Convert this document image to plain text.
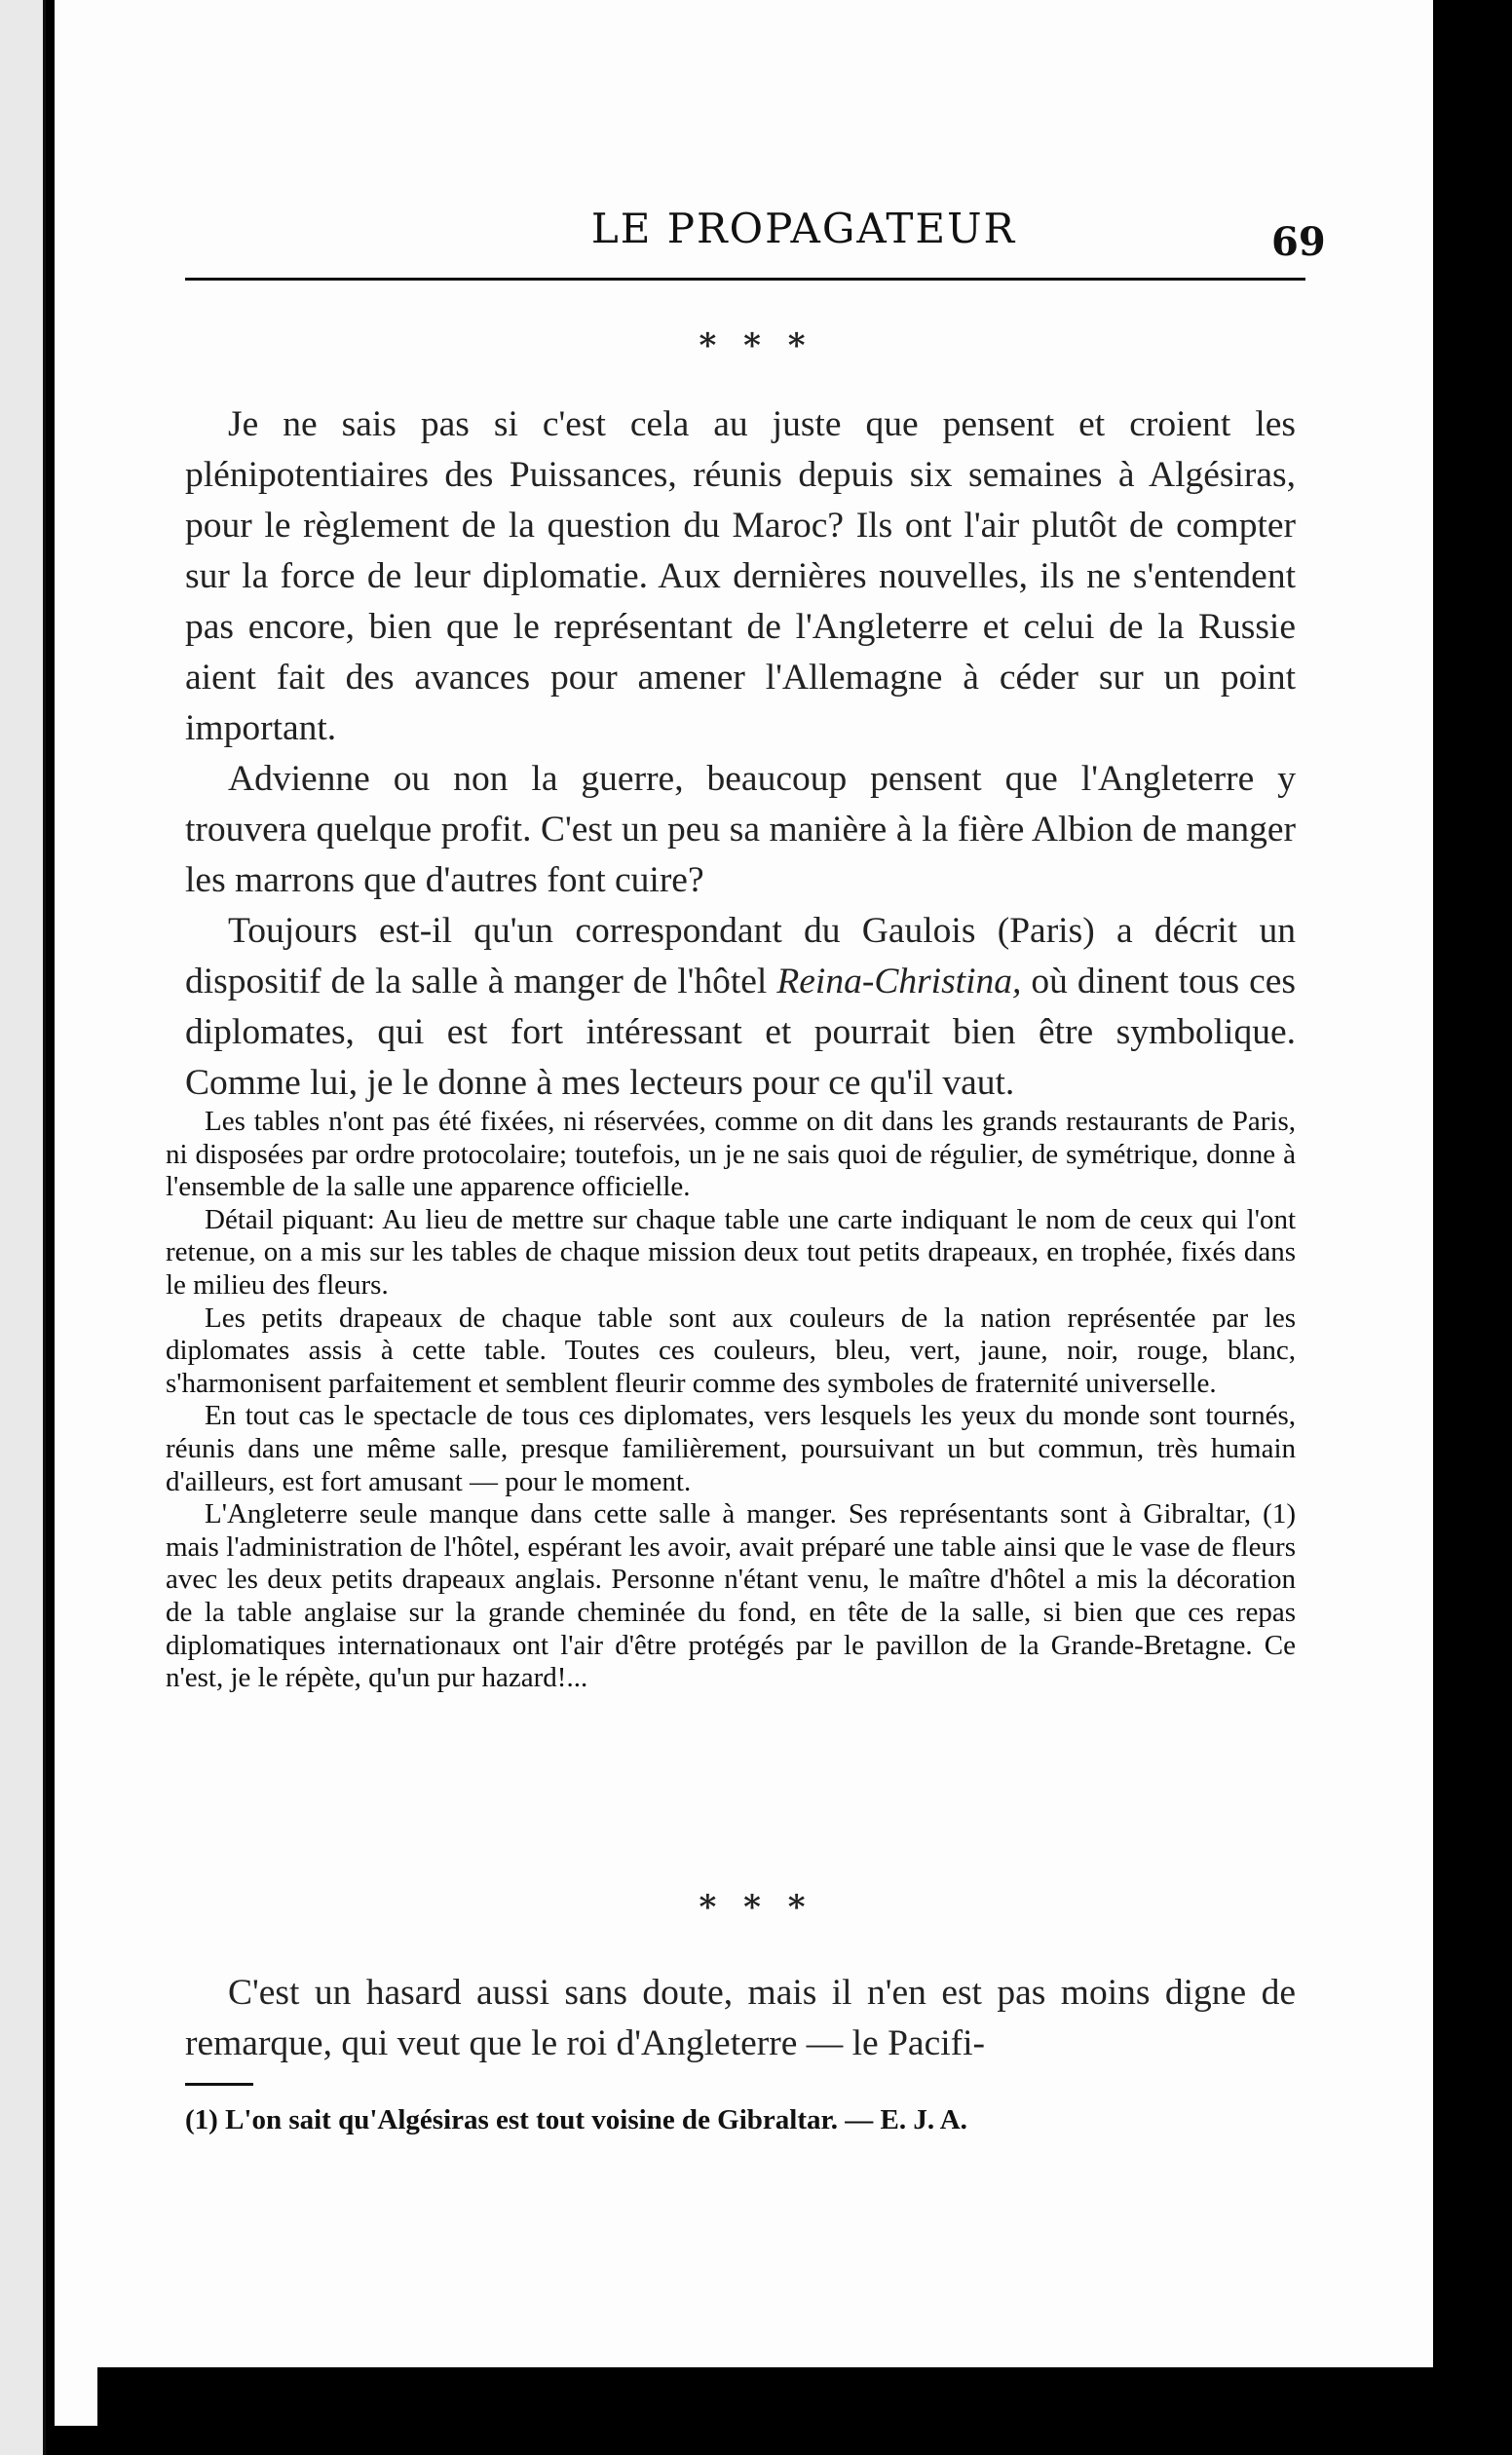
LE PROPAGATEUR	69
* * *

Je ne sais pas si c'est cela au juste que pensent et croient les plénipotentiaires des Puissances, réunis depuis six semaines à Algésiras, pour le règlement de la question du Maroc? Ils ont l'air plutôt de compter sur la force de leur diplomatie. Aux dernières nouvelles, ils ne s'entendent pas encore, bien que le représentant de l'Angleterre et celui de la Russie aient fait des avances pour amener l'Allemagne à céder sur un point important.

Advienne ou non la guerre, beaucoup pensent que l'Angleterre y trouvera quelque profit. C'est un peu sa manière à la fière Albion de manger les marrons que d'autres font cuire?

Toujours est-il qu'un correspondant du Gaulois (Paris) a décrit un dispositif de la salle à manger de l'hôtel Reina-Christina, où dinent tous ces diplomates, qui est fort intéressant et pourrait bien être symbolique. Comme lui, je le donne à mes lecteurs pour ce qu'il vaut.

Les tables n'ont pas été fixées, ni réservées, comme on dit dans les grands restaurants de Paris, ni disposées par ordre protocolaire; toutefois, un je ne sais quoi de régulier, de symétrique, donne à l'ensemble de la salle une apparence officielle.

Détail piquant: Au lieu de mettre sur chaque table une carte indiquant le nom de ceux qui l'ont retenue, on a mis sur les tables de chaque mission deux tout petits drapeaux, en trophée, fixés dans le milieu des fleurs.

Les petits drapeaux de chaque table sont aux couleurs de la nation représentée par les diplomates assis à cette table. Toutes ces couleurs, bleu, vert, jaune, noir, rouge, blanc, s'harmonisent parfaitement et semblent fleurir comme des symboles de fraternité universelle.

En tout cas le spectacle de tous ces diplomates, vers lesquels les yeux du monde sont tournés, réunis dans une même salle, presque familièrement, poursuivant un but commun, très humain d'ailleurs, est fort amusant — pour le moment.

L'Angleterre seule manque dans cette salle à manger. Ses représentants sont à Gibraltar, (1) mais l'administration de l'hôtel, espérant les avoir, avait préparé une table ainsi que le vase de fleurs avec les deux petits drapeaux anglais. Personne n'étant venu, le maître d'hôtel a mis la décoration de la table anglaise sur la grande cheminée du fond, en tête de la salle, si bien que ces repas diplomatiques internationaux ont l'air d'être protégés par le pavillon de la Grande-Bretagne. Ce n'est, je le répète, qu'un pur hazard!...

* * *

C'est un hasard aussi sans doute, mais il n'en est pas moins digne de remarque, qui veut que le roi d'Angleterre — le Pacifi-

(1) L'on sait qu'Algésiras est tout voisine de Gibraltar. — E. J. A.
